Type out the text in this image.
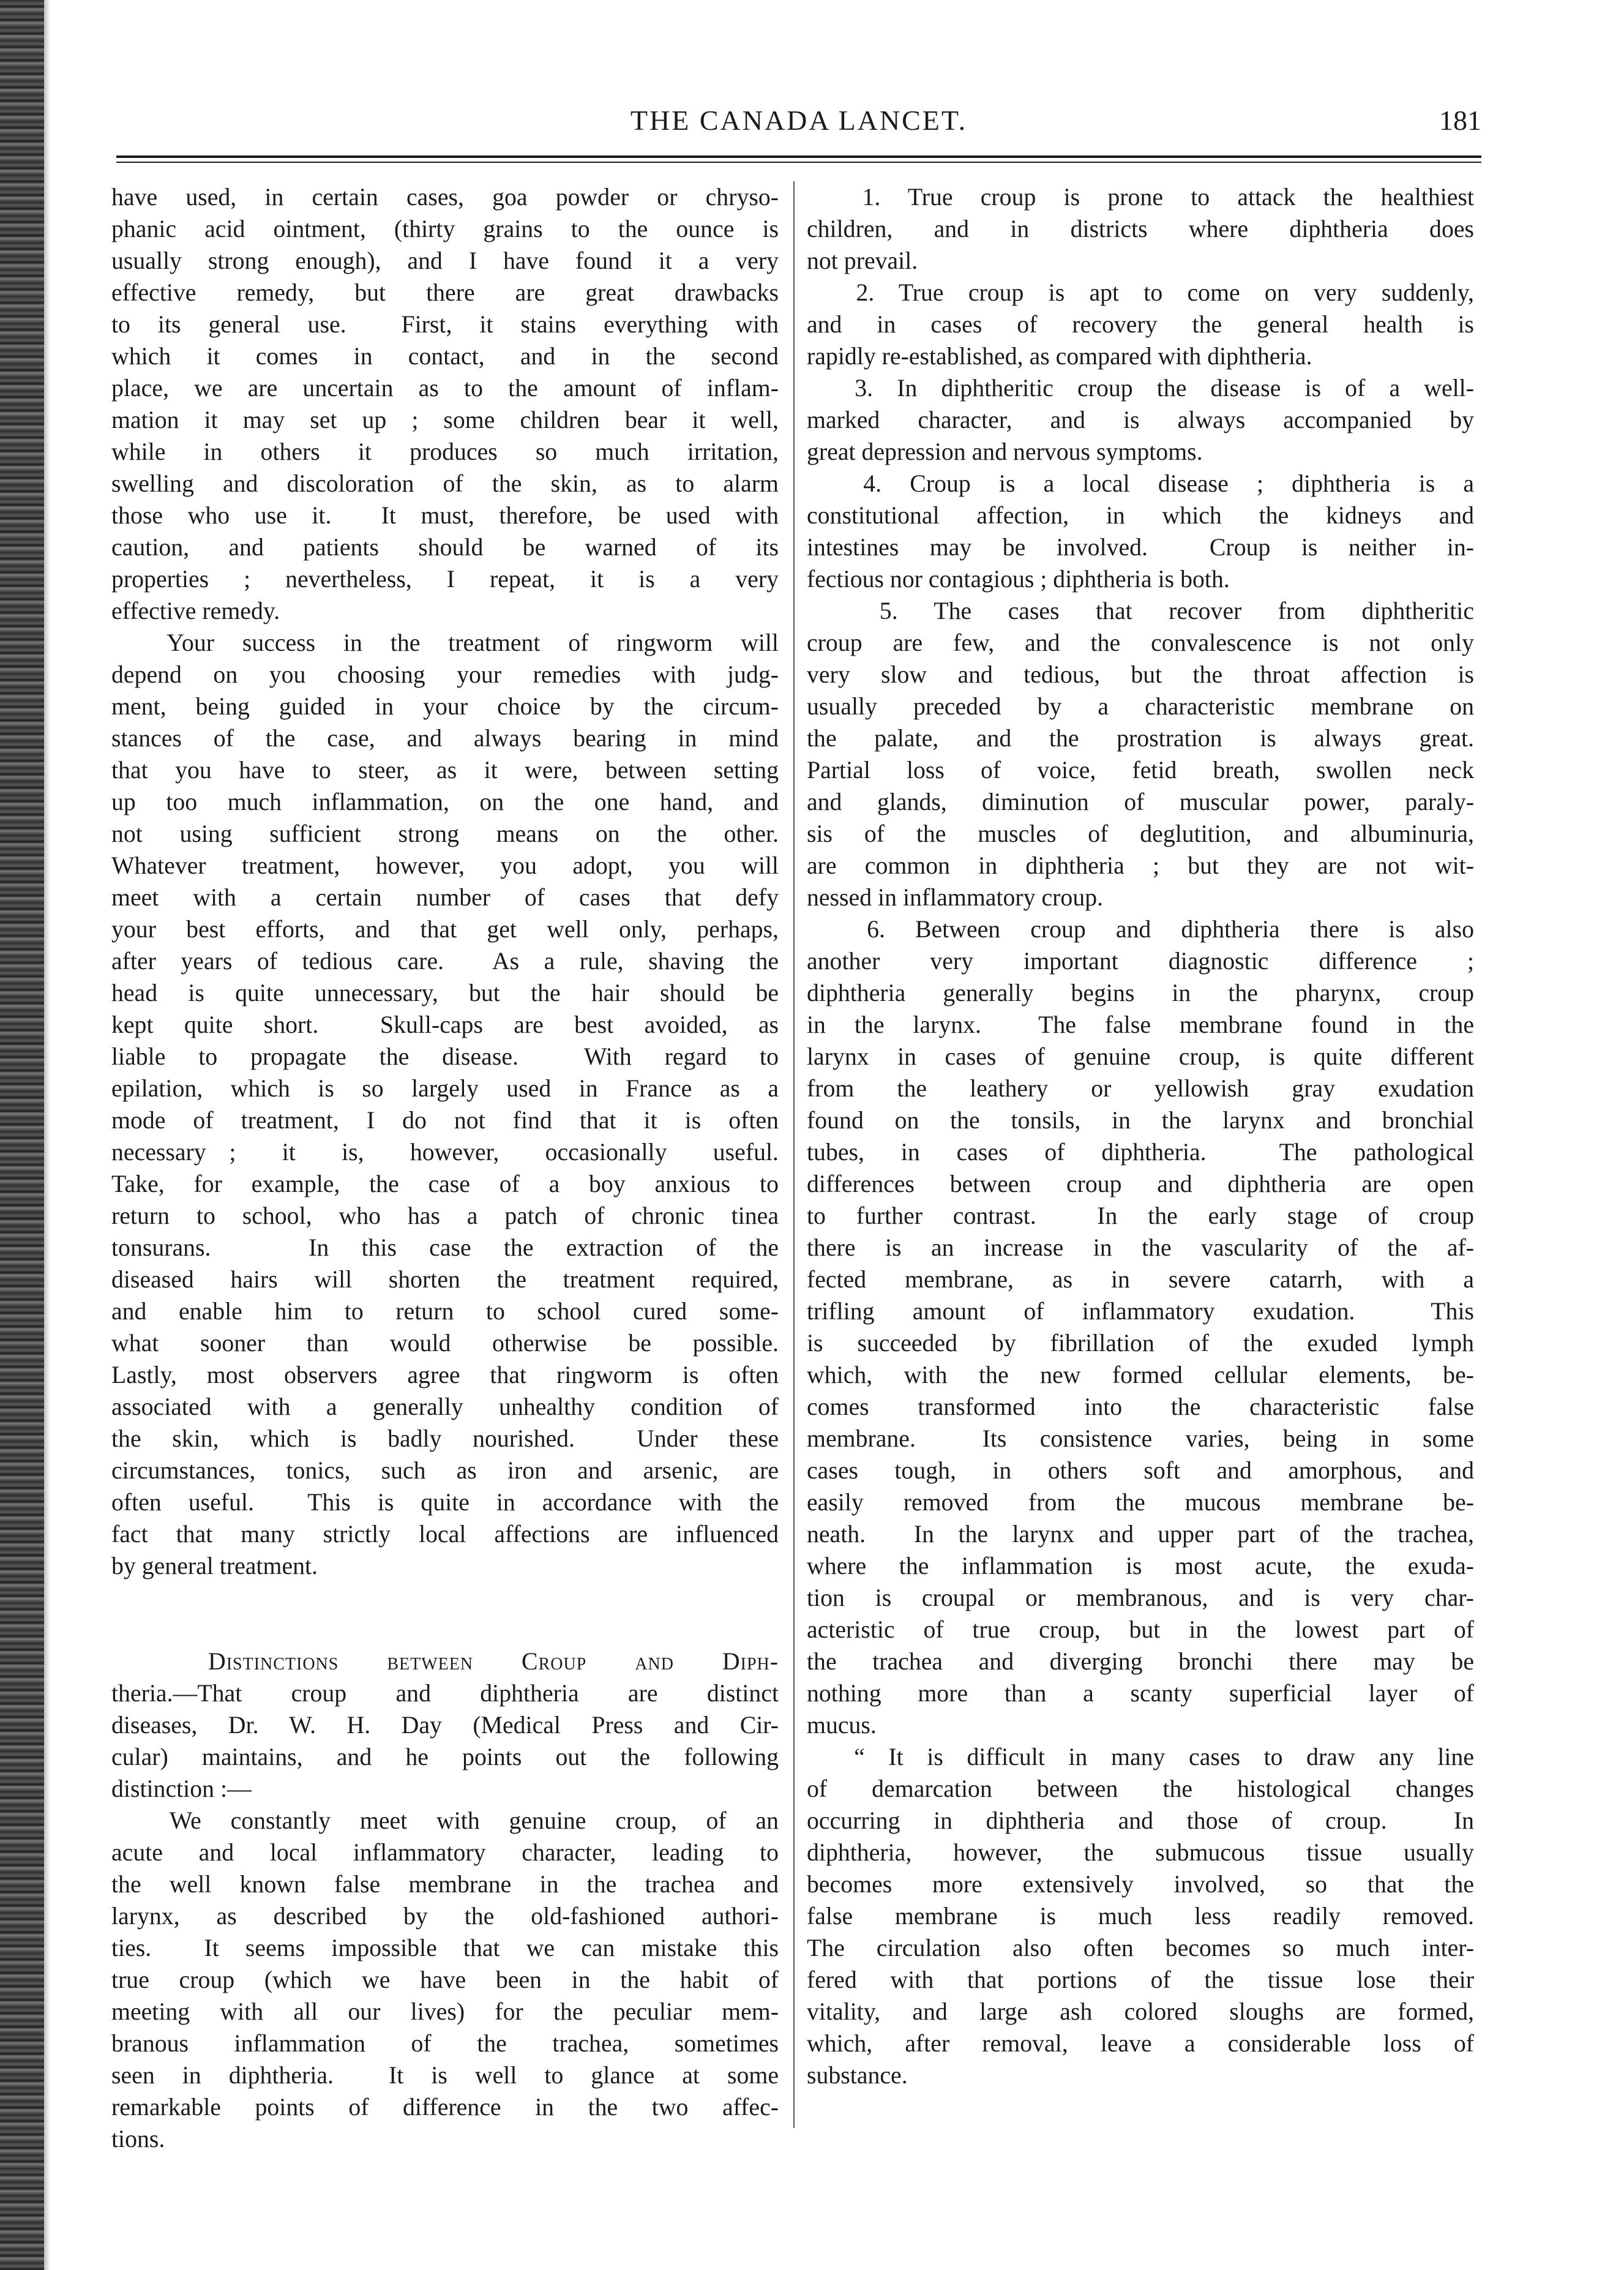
THE CANADA LANCET.	181
have used, in certain cases, goa powder or chryso-
phanic acid ointment, (thirty grains to the ounce is
usually strong enough), and I have found it a very
effective remedy, but there are great drawbacks
to its general use.  First, it stains everything with
which it comes in contact, and in the second
place, we are uncertain as to the amount of inflam-
mation it may set up ; some children bear it well,
while in others it produces so much irritation,
swelling and discoloration of the skin, as to alarm
those who use it.  It must, therefore, be used with
caution, and patients should be warned of its
properties ; nevertheless, I repeat, it is a very
effective remedy.
Your success in the treatment of ringworm will
depend on you choosing your remedies with judg-
ment, being guided in your choice by the circum-
stances of the case, and always bearing in mind
that you have to steer, as it were, between setting
up too much inflammation, on the one hand, and
not using sufficient strong means on the other.
Whatever treatment, however, you adopt, you will
meet with a certain number of cases that defy
your best efforts, and that get well only, perhaps,
after years of tedious care.  As a rule, shaving the
head is quite unnecessary, but the hair should be
kept quite short.  Skull-caps are best avoided, as
liable to propagate the disease.  With regard to
epilation, which is so largely used in France as a
mode of treatment, I do not find that it is often
necessary ;  it  is,  however,  occasionally  useful.
Take, for example, the case of a boy anxious to
return to school, who has a patch of chronic tinea
tonsurans.   In this case the extraction of the
diseased hairs will shorten the treatment required,
and enable him to return to school cured some-
what sooner than would otherwise be possible.
Lastly, most observers agree that ringworm is often
associated with a generally unhealthy condition of
the skin, which is badly nourished.  Under these
circumstances, tonics, such as iron and arsenic, are
often useful.  This is quite in accordance with the
fact that many strictly local affections are influenced
by general treatment.
Distinctions between Croup and Diph-
theria.—That croup and diphtheria are distinct
diseases, Dr. W. H. Day (Medical Press and Cir-
cular) maintains, and he points out the following
distinction :—
We constantly meet with genuine croup, of an
acute and local inflammatory character, leading to
the well known false membrane in the trachea and
larynx, as described by the old-fashioned authori-
ties.  It seems impossible that we can mistake this
true croup (which we have been in the habit of
meeting with all our lives) for the peculiar mem-
branous inflammation of the trachea, sometimes
seen in diphtheria.  It is well to glance at some
remarkable points of difference in the two affec-
tions.
1. True croup is prone to attack the healthiest
children, and in districts where diphtheria does
not prevail.
2. True croup is apt to come on very suddenly,
and in cases of recovery the general health is
rapidly re-established, as compared with diphtheria.
3. In diphtheritic croup the disease is of a well-
marked character, and is always accompanied by
great depression and nervous symptoms.
4. Croup is a local disease ; diphtheria is a
constitutional affection, in which the kidneys and
intestines may be involved.  Croup is neither in-
fectious nor contagious ; diphtheria is both.
5. The cases that recover from diphtheritic
croup are few, and the convalescence is not only
very slow and tedious, but the throat affection is
usually preceded by a characteristic membrane on
the palate, and the prostration is always great.
Partial loss of voice, fetid breath, swollen neck
and glands, diminution of muscular power, paraly-
sis of the muscles of deglutition, and albuminuria,
are common in diphtheria ; but they are not wit-
nessed in inflammatory croup.
6. Between croup and diphtheria there is also
another very important diagnostic difference ;
diphtheria generally begins in the pharynx, croup
in the larynx.  The false membrane found in the
larynx in cases of genuine croup, is quite different
from the leathery or yellowish gray exudation
found on the tonsils, in the larynx and bronchial
tubes, in cases of diphtheria.  The pathological
differences between croup and diphtheria are open
to further contrast.  In the early stage of croup
there is an increase in the vascularity of the af-
fected membrane, as in severe catarrh, with a
trifling amount of inflammatory exudation.  This
is succeeded by fibrillation of the exuded lymph
which, with the new formed cellular elements, be-
comes transformed into the characteristic false
membrane.  Its consistence varies, being in some
cases tough, in others soft and amorphous, and
easily removed from the mucous membrane be-
neath.  In the larynx and upper part of the trachea,
where the inflammation is most acute, the exuda-
tion is croupal or membranous, and is very char-
acteristic of true croup, but in the lowest part of
the trachea and diverging bronchi there may be
nothing more than a scanty superficial layer of
mucus.
“ It is difficult in many cases to draw any line
of demarcation between the histological changes
occurring in diphtheria and those of croup.  In
diphtheria, however, the submucous tissue usually
becomes more extensively involved, so that the
false membrane is much less readily removed.
The circulation also often becomes so much inter-
fered with that portions of the tissue lose their
vitality, and large ash colored sloughs are formed,
which, after removal, leave a considerable loss of
substance.
